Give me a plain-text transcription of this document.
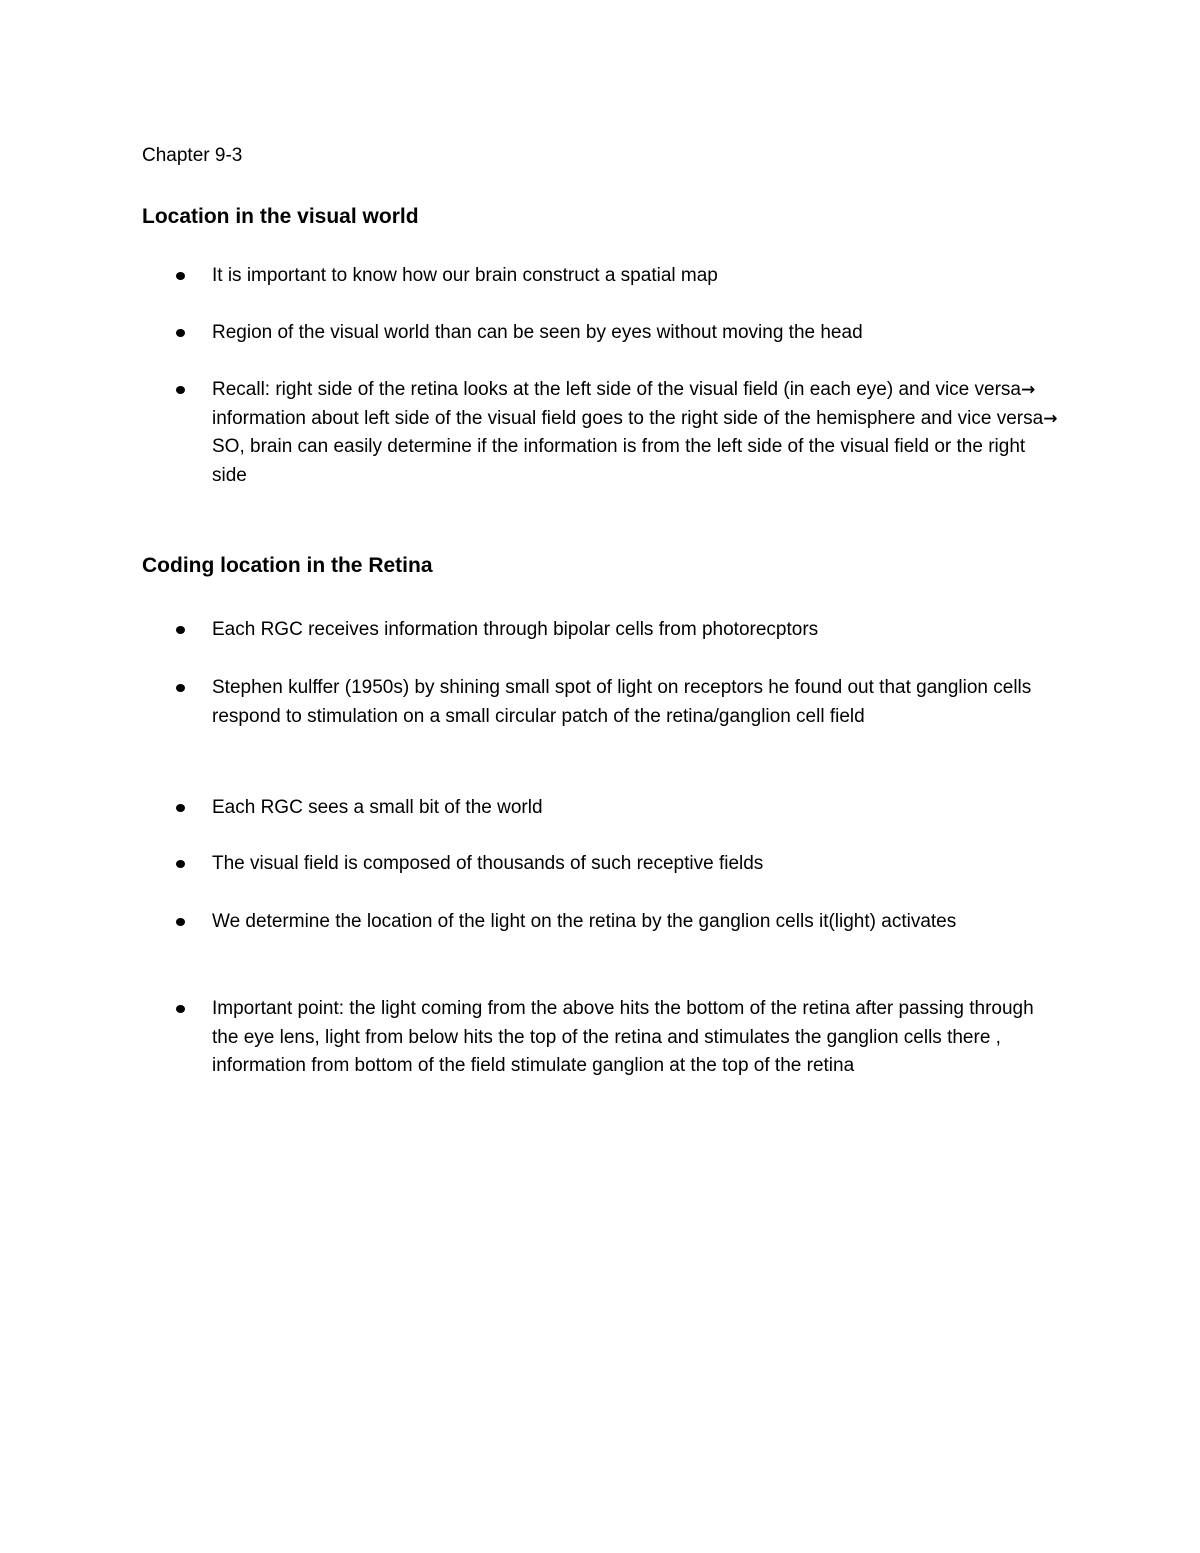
Chapter 9-3

Location in the visual world
It is important to know how our brain construct a spatial map
Region of the visual world than can be seen by eyes without moving the head
Recall: right side of the retina looks at the left side of the visual field (in each eye) and vice versa→ information about left side of the visual field goes to the right side of the hemisphere and vice versa→ SO, brain can easily determine if the information is from the left side of the visual field or the right side
Coding location in the Retina
Each RGC receives information through bipolar cells from photorecptors
Stephen kulffer (1950s) by shining small spot of light on receptors he found out that ganglion cells respond to stimulation on a small circular patch of the retina/ganglion cell field
Each RGC sees a small bit of the world
The visual field is composed of thousands of such receptive fields
We determine the location of the light on the retina by the ganglion cells it(light) activates
Important point: the light coming from the above hits the bottom of the retina after passing through the eye lens, light from below hits the top of the retina and stimulates the ganglion cells there , information from bottom of the field stimulate ganglion at the top of the retina
